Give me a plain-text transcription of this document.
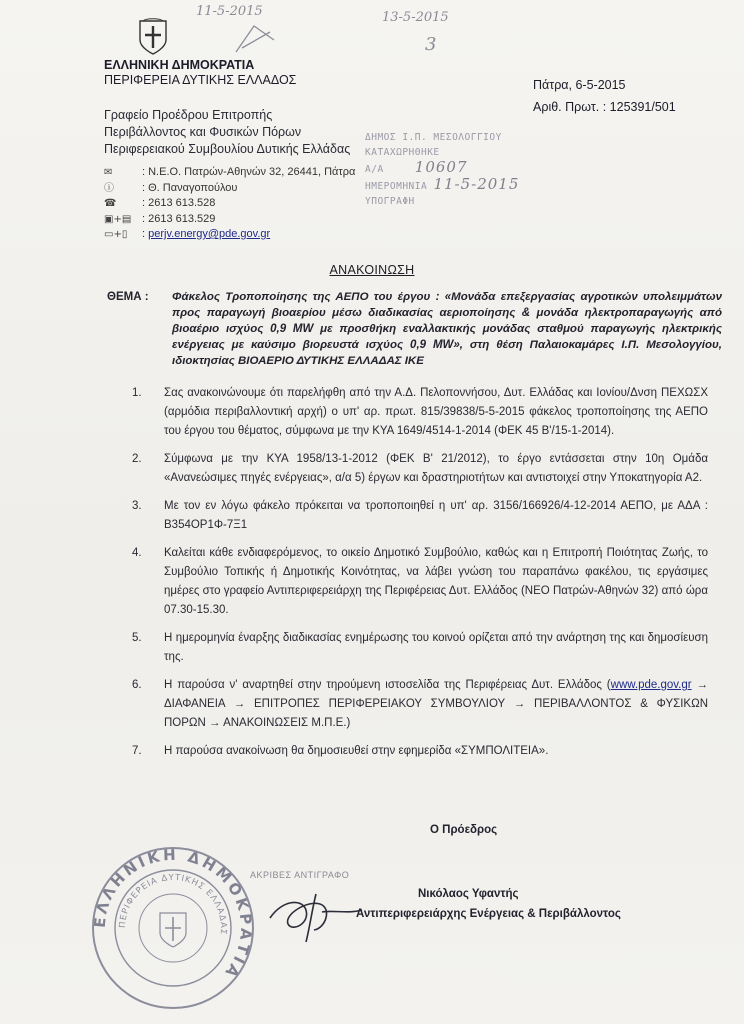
11-5-2015	13-5-2015
3
ΕΛΛΗΝΙΚΗ ΔΗΜΟΚΡΑΤΙΑ
ΠΕΡΙΦΕΡΕΙΑ ΔΥΤΙΚΗΣ ΕΛΛΑΔΟΣ	Πάτρα, 6-5-2015
Αριθ. Πρωτ. : 125391/501
Γραφείο Προέδρου Επιτροπής
Περιβάλλοντος και Φυσικών Πόρων
Περιφερειακού Συμβουλίου Δυτικής Ελλάδας
✉	: Ν.Ε.Ο. Πατρών-Αθηνών 32, 26441, Πάτρα
ⓘ	: Θ. Παναγοπούλου
☎	: 2613 613.528
▣+▤ : 2613 613.529
▭+▯	: perjv.energy@pde.gov.gr
ΔΗΜΟΣ Ι.Π. ΜΕΣΟΛΟΓΓΙΟΥ
ΚΑΤΑΧΩΡΗΘΗΚΕ
Α/Α 10607
ΗΜΕΡΟΜΗΝΙΑ 11-5-2015
ΥΠΟΓΡΑΦΗ
ΑΝΑΚΟΙΝΩΣΗ
ΘΕΜΑ : Φάκελος Τροποποίησης της ΑΕΠΟ του έργου : «Μονάδα επεξεργασίας αγροτικών υπολειμμάτων προς παραγωγή βιοαερίου μέσω διαδικασίας αεριοποίησης & μονάδα ηλεκτροπαραγωγής από βιοαέριο ισχύος 0,9 MW με προσθήκη εναλλακτικής μονάδας σταθμού παραγωγής ηλεκτρικής ενέργειας με καύσιμο βιορευστά ισχύος 0,9 MW», στη θέση Παλαιοκαμάρες Ι.Π. Μεσολογγίου, ιδιοκτησίας ΒΙΟΑΕΡΙΟ ΔΥΤΙΚΗΣ ΕΛΛΑΔΑΣ ΙΚΕ
1. Σας ανακοινώνουμε ότι παρελήφθη από την Α.Δ. Πελοποννήσου, Δυτ. Ελλάδας και Ιονίου/Δνση ΠΕΧΩΣΧ (αρμόδια περιβαλλοντική αρχή) ο υπ' αρ. πρωτ. 815/39838/5-5-2015 φάκελος τροποποίησης της ΑΕΠΟ του έργου του θέματος, σύμφωνα με την ΚΥΑ 1649/4514-1-2014 (ΦΕΚ 45 Β'/15-1-2014).
2. Σύμφωνα με την ΚΥΑ 1958/13-1-2012 (ΦΕΚ Β' 21/2012), το έργο εντάσσεται στην 10η Ομάδα «Ανανεώσιμες πηγές ενέργειας», α/α 5) έργων και δραστηριοτήτων και αντιστοιχεί στην Υποκατηγορία Α2.
3. Με τον εν λόγω φάκελο πρόκειται να τροποποιηθεί η υπ' αρ. 3156/166926/4-12-2014 ΑΕΠΟ, με ΑΔΑ : Β354ΟΡ1Φ-7Ξ1
4. Καλείται κάθε ενδιαφερόμενος, το οικείο Δημοτικό Συμβούλιο, καθώς και η Επιτροπή Ποιότητας Ζωής, το Συμβούλιο Τοπικής ή Δημοτικής Κοινότητας, να λάβει γνώση του παραπάνω φακέλου, τις εργάσιμες ημέρες στο γραφείο Αντιπεριφερειάρχη της Περιφέρειας Δυτ. Ελλάδος (ΝΕΟ Πατρών-Αθηνών 32) από ώρα 07.30-15.30.
5. Η ημερομηνία έναρξης διαδικασίας ενημέρωσης του κοινού ορίζεται από την ανάρτηση της και δημοσίευση της.
6. Η παρούσα ν' αναρτηθεί στην τηρούμενη ιστοσελίδα της Περιφέρειας Δυτ. Ελλάδος (www.pde.gov.gr → ΔΙΑΦΑΝΕΙΑ → ΕΠΙΤΡΟΠΕΣ ΠΕΡΙΦΕΡΕΙΑΚΟΥ ΣΥΜΒΟΥΛΙΟΥ → ΠΕΡΙΒΑΛΛΟΝΤΟΣ & ΦΥΣΙΚΩΝ ΠΟΡΩΝ → ΑΝΑΚΟΙΝΩΣΕΙΣ Μ.Π.Ε.)
7. Η παρούσα ανακοίνωση θα δημοσιευθεί στην εφημερίδα «ΣΥΜΠΟΛΙΤΕΙΑ».
Ο Πρόεδρος
Νικόλαος Υφαντής
Αντιπεριφερειάρχης Ενέργειας & Περιβάλλοντος
ΕΛΛΗΝΙΚΗ ΔΗΜΟΚΡΑΤΙΑ
ΠΕΡΙΦΕΡΕΙΑ ΔΥΤΙΚΗΣ ΕΛΛΑΔΑΣ
ΑΚΡΙΒΕΣ ΑΝΤΙΓΡΑΦΟ
